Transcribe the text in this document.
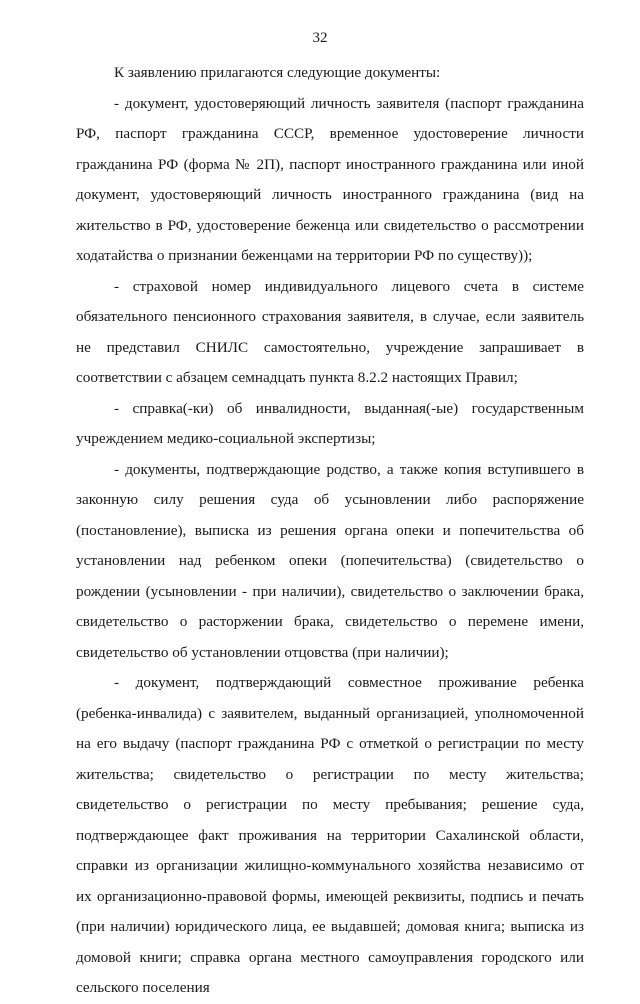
32

К заявлению прилагаются следующие документы:

- документ, удостоверяющий личность заявителя (паспорт гражданина РФ, паспорт гражданина СССР, временное удостоверение личности гражданина РФ (форма № 2П), паспорт иностранного гражданина или иной документ, удостоверяющий личность иностранного гражданина (вид на жительство в РФ, удостоверение беженца или свидетельство о рассмотрении ходатайства о признании беженцами на территории РФ по существу));

- страховой номер индивидуального лицевого счета в системе обязательного пенсионного страхования заявителя, в случае, если заявитель не представил СНИЛС самостоятельно, учреждение запрашивает в соответствии с абзацем семнадцать пункта 8.2.2 настоящих Правил;

- справка(-ки) об инвалидности, выданная(-ые) государственным учреждением медико-социальной экспертизы;

- документы, подтверждающие родство, а также копия вступившего в законную силу решения суда об усыновлении либо распоряжение (постановление), выписка из решения органа опеки и попечительства об установлении над ребенком опеки (попечительства) (свидетельство о рождении (усыновлении - при наличии), свидетельство о заключении брака, свидетельство о расторжении брака, свидетельство о перемене имени, свидетельство об установлении отцовства (при наличии);

- документ, подтверждающий совместное проживание ребенка (ребенка-инвалида) с заявителем, выданный организацией, уполномоченной на его выдачу (паспорт гражданина РФ с отметкой о регистрации по месту жительства; свидетельство о регистрации по месту жительства; свидетельство о регистрации по месту пребывания; решение суда, подтверждающее факт проживания на территории Сахалинской области, справки из организации жилищно-коммунального хозяйства независимо от их организационно-правовой формы, имеющей реквизиты, подпись и печать (при наличии) юридического лица, ее выдавшей; домовая книга; выписка из домовой книги; справка органа местного самоуправления городского или сельского поселения
